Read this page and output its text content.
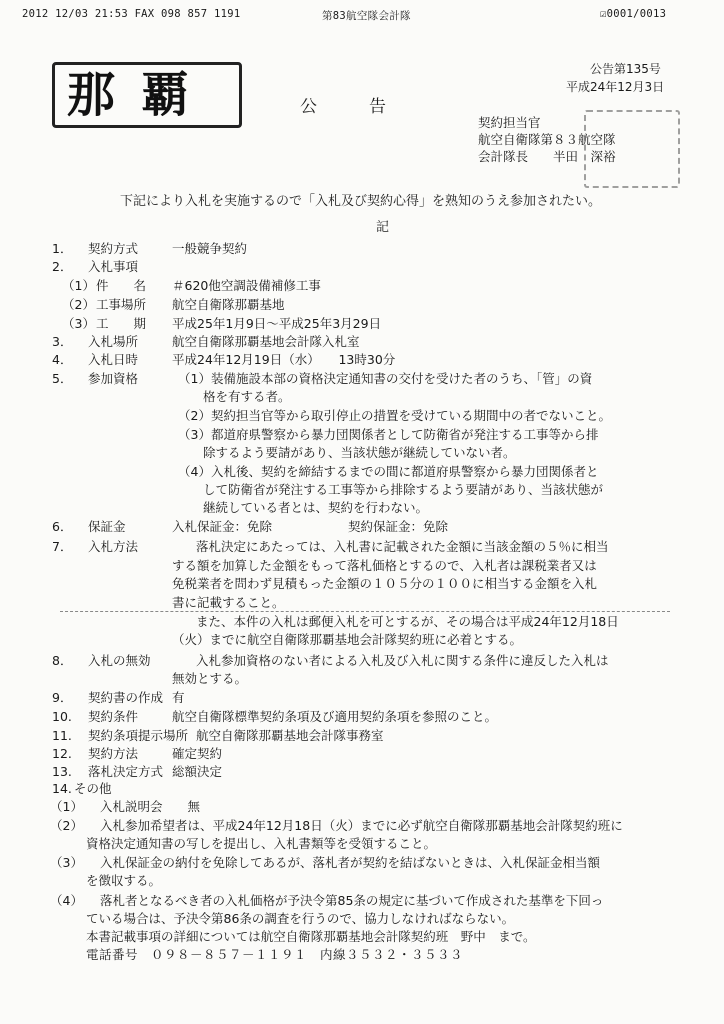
2012 12/03 21:53 FAX 098 857 1191	第83航空隊会計隊	☑0001/0013
那覇	公告
公告第135号
平成24年12月3日
契約担当官
航空自衛隊第８３航空隊
会計隊長　　半田　深裕
下記により入札を実施するので「入札及び契約心得」を熟知のうえ参加されたい。
記
1． 契約方式	一般競争契約
2． 入札事項
（1） 件　　名 ＃620他空調設備補修工事
（2） 工事場所 航空自衛隊那覇基地
（3） 工　　期 平成25年1月9日～平成25年3月29日
3． 入札場所	航空自衛隊那覇基地会計隊入札室
4． 入札日時	平成24年12月19日（水）　　13時30分
5． 参加資格	（1）装備施設本部の資格決定通知書の交付を受けた者のうち、「管」の資
　　格を有する者。
（2）契約担当官等から取引停止の措置を受けている期間中の者でないこと。
（3）都道府県警察から暴力団関係者として防衛省が発注する工事等から排
　　除するよう要請があり、当該状態が継続していない者。
（4）入札後、契約を締結するまでの間に都道府県警察から暴力団関係者と
　　して防衛省が発注する工事等から排除するよう要請があり、当該状態が
　　継続している者とは、契約を行わない。
6． 保証金	入札保証金：免除	契約保証金：免除
7． 入札方法	落札決定にあたっては、入札書に記載された金額に当該金額の５％に相当
する額を加算した金額をもって落札価格とするので、入札者は課税業者又は
免税業者を問わず見積もった金額の１０５分の１００に相当する金額を入札
書に記載すること。
また、本件の入札は郵便入札を可とするが、その場合は平成24年12月18日
（火）までに航空自衛隊那覇基地会計隊契約班に必着とする。
8． 入札の無効	入札参加資格のない者による入札及び入札に関する条件に違反した入札は
無効とする。
9． 契約書の作成 有
10. 契約条件	航空自衛隊標準契約条項及び適用契約条項を参照のこと。
11. 契約条項提示場所 航空自衛隊那覇基地会計隊事務室
12. 契約方法	確定契約
13. 落札決定方式 総額決定
14. その他
（1） 入札説明会　　無
（2） 入札参加希望者は、平成24年12月18日（火）までに必ず航空自衛隊那覇基地会計隊契約班に
資格決定通知書の写しを提出し、入札書類等を受領すること。
（3） 入札保証金の納付を免除してあるが、落札者が契約を結ばないときは、入札保証金相当額
を徴収する。
（4） 落札者となるべき者の入札価格が予決令第85条の規定に基づいて作成された基準を下回っ
ている場合は、予決令第86条の調査を行うので、協力しなければならない。
本書記載事項の詳細については航空自衛隊那覇基地会計隊契約班　野中　まで。
電話番号　０９８－８５７－１１９１　内線３５３２・３５３３
